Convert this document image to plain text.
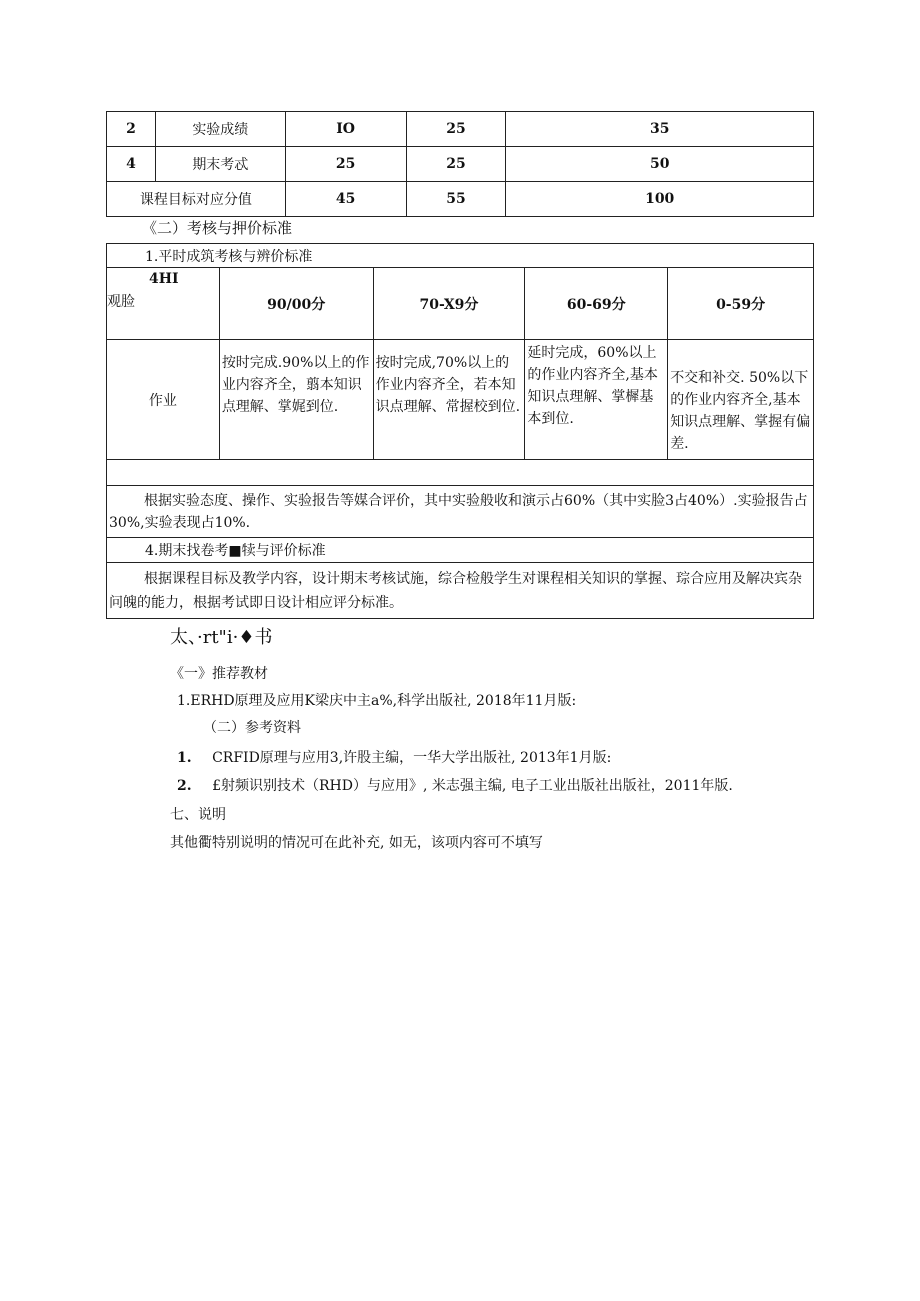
2	实验成绩	IO	25	35
4	期末考忒	25	25	50
课程目标对应分值		45	55	100
《二）考核与押价标准
1.平时成筑考核与辨价标准				

4HI
观脸	90/00分	70-X9分	60-69分	0-59分
作业	按时完成.90%以上的作业内容齐全，翦本知识点理解、掌娓到位.	按时完成,70%以上的作业内容齐全，若本知识点理解、常握校到位.	延时完成，60%以上的作业内容齐全,基本知识点理解、掌樨基本到位.	不交和补交. 50%以下的作业内容齐全,基本知识点理解、掌握有偏差.

根据实验态度、操作、实验报告等媒合评价，其中实验般收和演示占60%（其中实脸3占40%）.实验报告占30%,实验表现占10%.				
4.期末找卷考■犊与评价标准				
根据课程目标及教学内容，设计期末考核试施，综合检般学生对课程相关知识的掌握、琮合应用及解决宾杂问魄的能力，根据考试即日设计相应评分标准。				
太、·rt"i·♦书
《一》推荐教材
1.ERHD原理及应用K梁庆中主a%,科学出版社, 2018年11月版:
（二）参考资料
1. CRFID原理与应用3,许股主编，一华大学出版社, 2013年1月版:
2. £射频识别技术（RHD）与应用》, 米志强主编, 电子工业出版社出版社，2011年版.
七、说明
其他衢特别说明的情况可在此补充, 如无，该项内容可不填写
